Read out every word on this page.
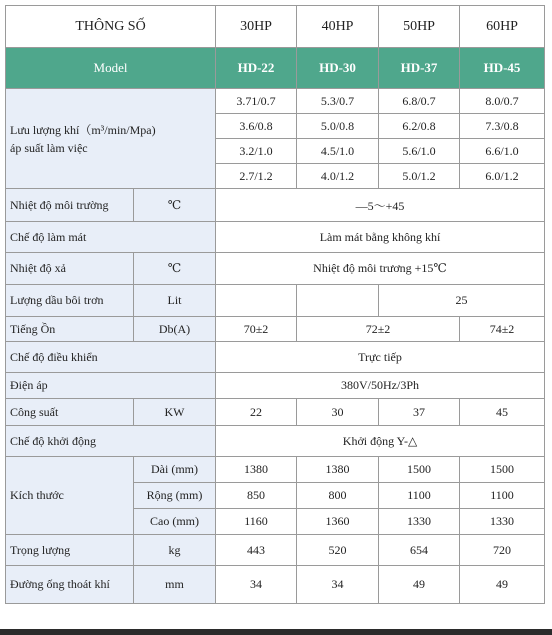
THÔNG SỐ		30HP	40HP	50HP	60HP
Model		HD-22	HD-30	HD-37	HD-45
Lưu lượng khí（m³/min/Mpa)
áp suất làm việc		3.71/0.7	5.3/0.7	6.8/0.7	8.0/0.7
		3.6/0.8	5.0/0.8	6.2/0.8	7.3/0.8
		3.2/1.0	4.5/1.0	5.6/1.0	6.6/1.0
		2.7/1.2	4.0/1.2	5.0/1.2	6.0/1.2
Nhiệt độ môi trường	℃	—5～+45			
Chế độ làm mát		Làm mát bằng không khí			
Nhiệt độ xả	℃	Nhiệt độ môi trương +15℃			
Lượng dầu bôi trơn	Lit			25	
Tiếng Ồn	Db(A)	70±2	72±2		74±2
Chế độ điều khiển		Trực tiếp			
Điện áp		380V/50Hz/3Ph			
Công suất	KW	22	30	37	45
Chế độ khởi động		Khởi động Y-△			
Kích thước	Dài (mm)	1380	1380	1500	1500
	Rộng (mm)	850	800	1100	1100
	Cao (mm)	1160	1360	1330	1330
Trọng lượng	kg	443	520	654	720
Đường ống thoát khí	mm	34	34	49	49
